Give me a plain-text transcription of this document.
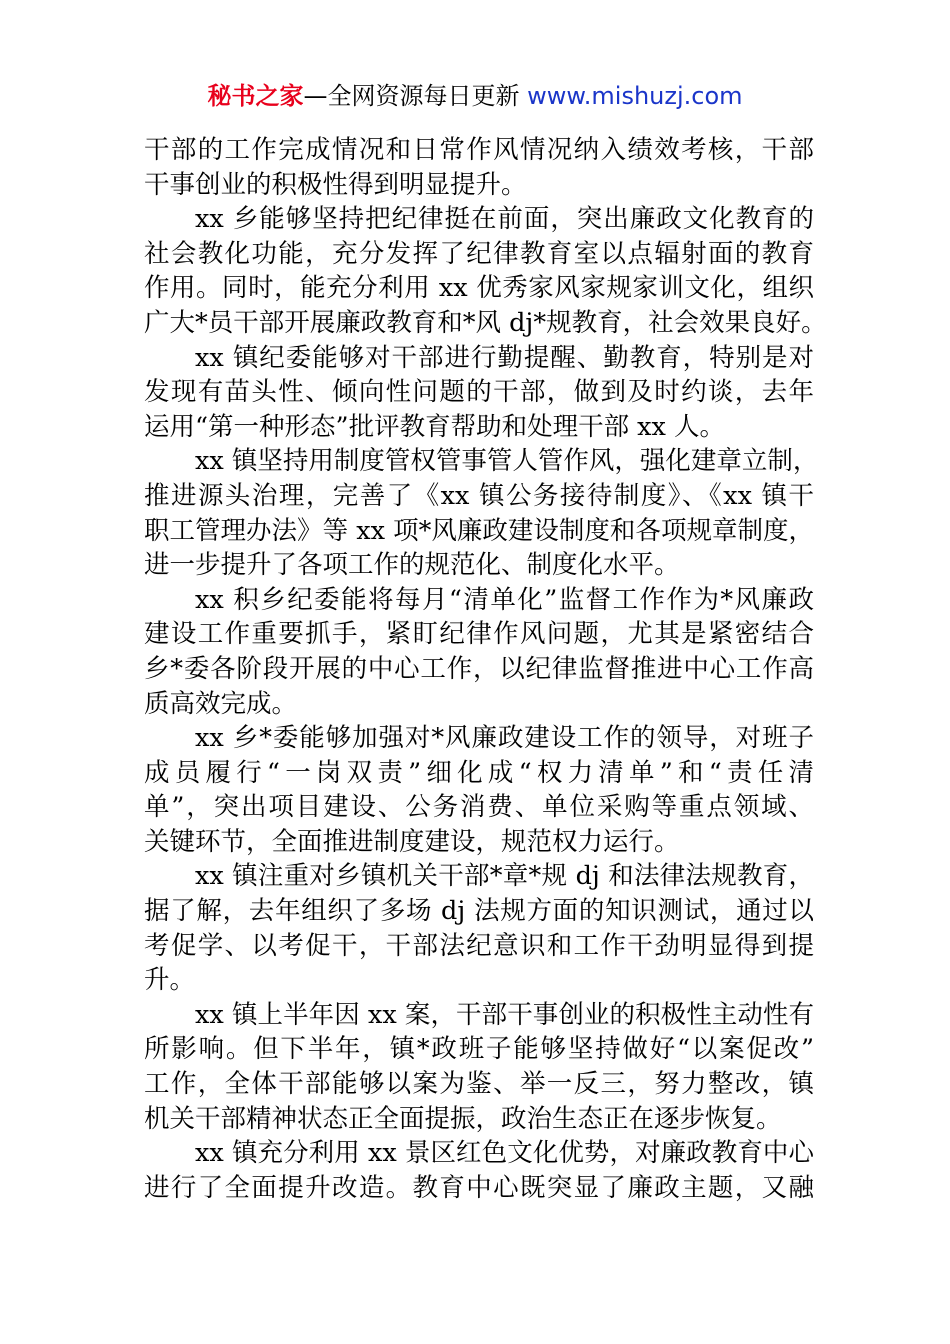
秘书之家—全网资源每日更新 www.mishuzj.com
干部的工作完成情况和日常作风情况纳入绩效考核，干部
干事创业的积极性得到明显提升。
xx 乡能够坚持把纪律挺在前面，突出廉政文化教育的
社会教化功能，充分发挥了纪律教育室以点辐射面的教育
作用。同时，能充分利用 xx 优秀家风家规家训文化，组织
广大*员干部开展廉政教育和*风 dj*规教育，社会效果良好。
xx 镇纪委能够对干部进行勤提醒、勤教育，特别是对
发现有苗头性、倾向性问题的干部，做到及时约谈，去年
运用“第一种形态”批评教育帮助和处理干部 xx 人。
xx 镇坚持用制度管权管事管人管作风，强化建章立制，
推进源头治理，完善了《xx 镇公务接待制度》、《xx 镇干
职工管理办法》等 xx 项*风廉政建设制度和各项规章制度，
进一步提升了各项工作的规范化、制度化水平。
xx 积乡纪委能将每月“清单化”监督工作作为*风廉政
建设工作重要抓手，紧盯纪律作风问题，尤其是紧密结合
乡*委各阶段开展的中心工作，以纪律监督推进中心工作高
质高效完成。
xx 乡*委能够加强对*风廉政建设工作的领导，对班子
成员履行“一岗双责”细化成“权力清单”和“责任清
单”，突出项目建设、公务消费、单位采购等重点领域、
关键环节，全面推进制度建设，规范权力运行。
xx 镇注重对乡镇机关干部*章*规 dj 和法律法规教育，
据了解，去年组织了多场 dj 法规方面的知识测试，通过以
考促学、以考促干，干部法纪意识和工作干劲明显得到提
升。
xx 镇上半年因 xx 案，干部干事创业的积极性主动性有
所影响。但下半年，镇*政班子能够坚持做好“以案促改”
工作，全体干部能够以案为鉴、举一反三，努力整改，镇
机关干部精神状态正全面提振，政治生态正在逐步恢复。
xx 镇充分利用 xx 景区红色文化优势，对廉政教育中心
进行了全面提升改造。教育中心既突显了廉政主题，又融
